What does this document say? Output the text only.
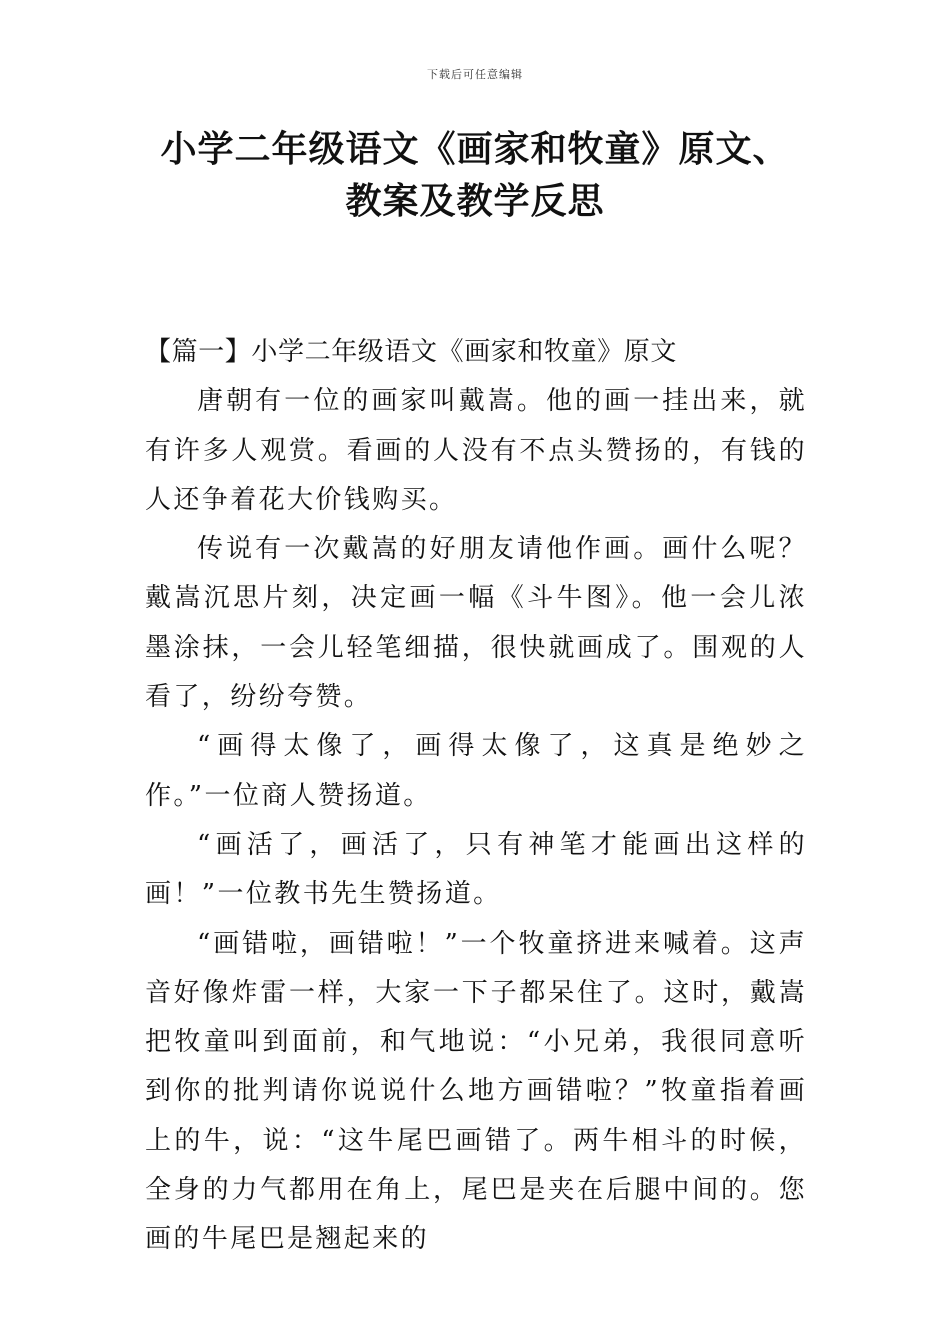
下载后可任意编辑
小学二年级语文《画家和牧童》原文、教案及教学反思

【篇一】小学二年级语文《画家和牧童》原文

唐朝有一位的画家叫戴嵩。他的画一挂出来，就有许多人观赏。看画的人没有不点头赞扬的，有钱的人还争着花大价钱购买。

传说有一次戴嵩的好朋友请他作画。画什么呢？戴嵩沉思片刻，决定画一幅《斗牛图》。他一会儿浓墨涂抹，一会儿轻笔细描，很快就画成了。围观的人看了，纷纷夸赞。

“画得太像了，画得太像了，这真是绝妙之作。”一位商人赞扬道。

“画活了，画活了，只有神笔才能画出这样的画！”一位教书先生赞扬道。

“画错啦，画错啦！”一个牧童挤进来喊着。这声音好像炸雷一样，大家一下子都呆住了。这时，戴嵩把牧童叫到面前，和气地说：“小兄弟，我很同意听到你的批判请你说说什么地方画错啦？”牧童指着画上的牛，说：“这牛尾巴画错了。两牛相斗的时候，全身的力气都用在角上，尾巴是夹在后腿中间的。您画的牛尾巴是翘起来的
